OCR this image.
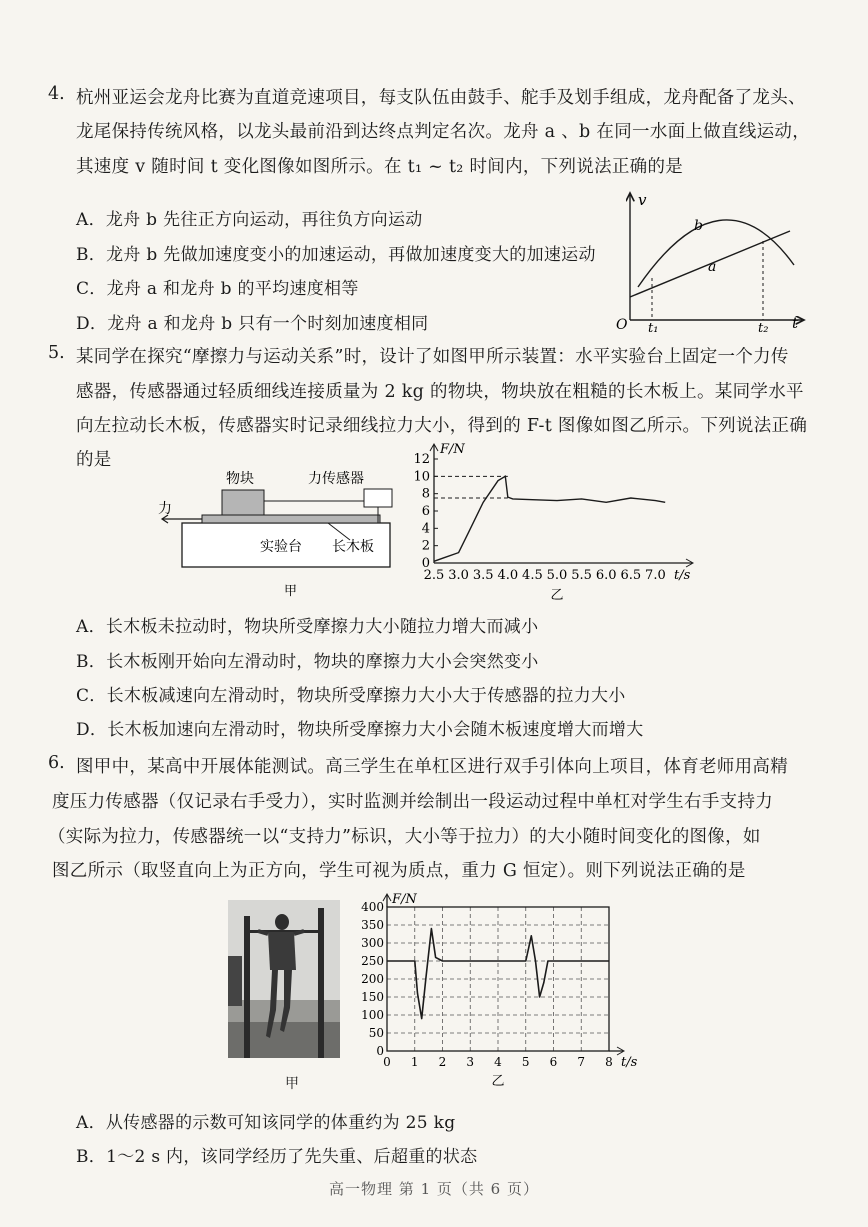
4. 杭州亚运会龙舟比赛为直道竞速项目，每支队伍由鼓手、舵手及划手组成，龙舟配备了龙头、
龙尾保持传统风格，以龙头最前沿到达终点判定名次。龙舟 a 、b 在同一水面上做直线运动，
其速度 v 随时间 t 变化图像如图所示。在 t₁ ~ t₂ 时间内，下列说法正确的是
A．龙舟 b 先往正方向运动，再往负方向运动
B．龙舟 b 先做加速度变小的加速运动，再做加速度变大的加速运动
C．龙舟 a 和龙舟 b 的平均速度相等
D．龙舟 a 和龙舟 b 只有一个时刻加速度相同
v
t
O t₁	t₂
a
b
5. 某同学在探究“摩擦力与运动关系”时，设计了如图甲所示装置：水平实验台上固定一个力传
感器，传感器通过轻质细线连接质量为 2 kg 的物块，物块放在粗糙的长木板上。某同学水平
向左拉动长木板，传感器实时记录细线拉力大小，得到的 F-t 图像如图乙所示。下列说法正确
的是
物块	力传感器
力
实验台 长木板
甲
0
2
4
6
8
10
12
2.5 3.0 3.5 4.0 4.5 5.0 5.5 6.0 6.5 7.0
F/N
t/s
乙
A．长木板未拉动时，物块所受摩擦力大小随拉力增大而减小
B．长木板刚开始向左滑动时，物块的摩擦力大小会突然变小
C．长木板减速向左滑动时，物块所受摩擦力大小大于传感器的拉力大小
D．长木板加速向左滑动时，物块所受摩擦力大小会随木板速度增大而增大
6. 图甲中，某高中开展体能测试。高三学生在单杠区进行双手引体向上项目，体育老师用高精
度压力传感器（仅记录右手受力），实时监测并绘制出一段运动过程中单杠对学生右手支持力
（实际为拉力，传感器统一以“支持力”标识，大小等于拉力）的大小随时间变化的图像，如
图乙所示（取竖直向上为正方向，学生可视为质点，重力 G 恒定）。则下列说法正确的是
甲
0
50
100
150
200
250
300
350
400
0 1 2 3 4 5 6 7 8
F/N
t/s
乙
A．从传感器的示数可知该同学的体重约为 25 kg
B．1～2 s 内，该同学经历了先失重、后超重的状态
高一物理 第 1 页（共 6 页）
